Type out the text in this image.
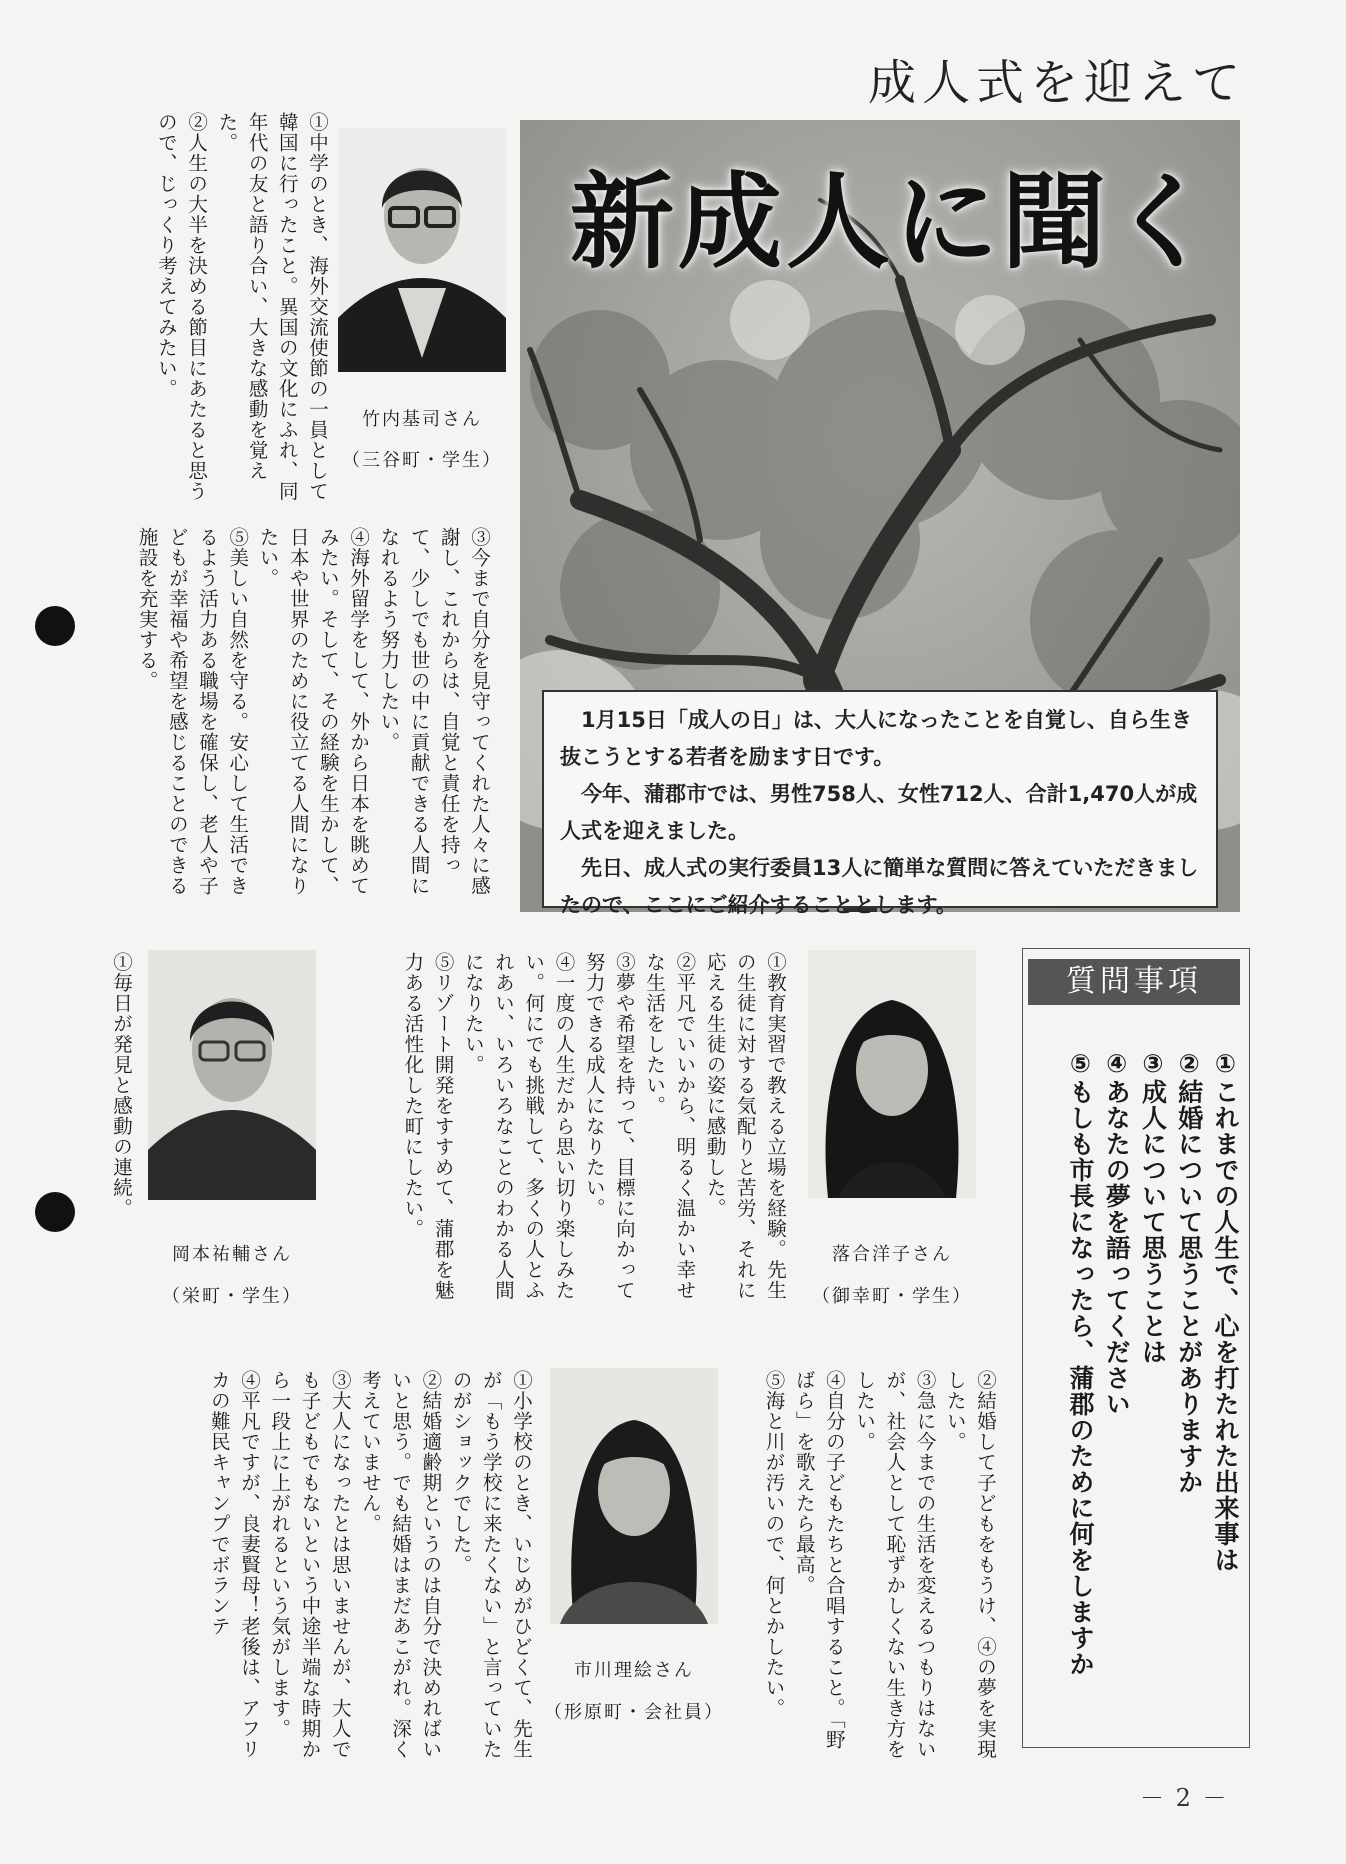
成人式を迎えて
新成人に聞く

1月15日「成人の日」は、大人になったことを自覚し、自ら生き抜こうとする若者を励ます日です。

今年、蒲郡市では、男性758人、女性712人、合計1,470人が成人式を迎えました。

先日、成人式の実行委員13人に簡単な質問に答えていただきましたので、ここにご紹介することとします。

竹内基司さん
（三谷町・学生）

①中学のとき、海外交流使節の一員として韓国に行ったこと。異国の文化にふれ、同年代の友と語り合い、大きな感動を覚えた。

②人生の大半を決める節目にあたると思うので、じっくり考えてみたい。

③今まで自分を見守ってくれた人々に感謝し、これからは、自覚と責任を持って、少しでも世の中に貢献できる人間になれるよう努力したい。

④海外留学をして、外から日本を眺めてみたい。そして、その経験を生かして、日本や世界のために役立てる人間になりたい。

⑤美しい自然を守る。安心して生活できるよう活力ある職場を確保し、老人や子どもが幸福や希望を感じることのできる施設を充実する。

質問事項
①これまでの人生で、心を打たれた出来事は
②結婚について思うことがありますか
③成人について思うことは
④あなたの夢を語ってください
⑤もしも市長になったら、蒲郡のために何をしますか
落合洋子さん
（御幸町・学生）

①教育実習で教える立場を経験。先生の生徒に対する気配りと苦労、それに応える生徒の姿に感動した。

②平凡でいいから、明るく温かい幸せな生活をしたい。

③夢や希望を持って、目標に向かって努力できる成人になりたい。

④一度の人生だから思い切り楽しみたい。何にでも挑戦して、多くの人とふれあい、いろいろなことのわかる人間になりたい。

⑤リゾート開発をすすめて、蒲郡を魅力ある活性化した町にしたい。

岡本祐輔さん
（栄町・学生）

①毎日が発見と感動の連続。

②結婚して子どもをもうけ、④の夢を実現したい。

③急に今までの生活を変えるつもりはないが、社会人として恥ずかしくない生き方をしたい。

④自分の子どもたちと合唱すること。「野ばら」を歌えたら最高。

⑤海と川が汚いので、何とかしたい。

市川理絵さん
（形原町・会社員）

①小学校のとき、いじめがひどくて、先生が「もう学校に来たくない」と言っていたのがショックでした。

②結婚適齢期というのは自分で決めればいいと思う。でも結婚はまだあこがれ。深く考えていません。

③大人になったとは思いませんが、大人でも子どもでもないという中途半端な時期から一段上に上がれるという気がします。

④平凡ですが、良妻賢母！老後は、アフリカの難民キャンプでボランテ

－ 2 －
